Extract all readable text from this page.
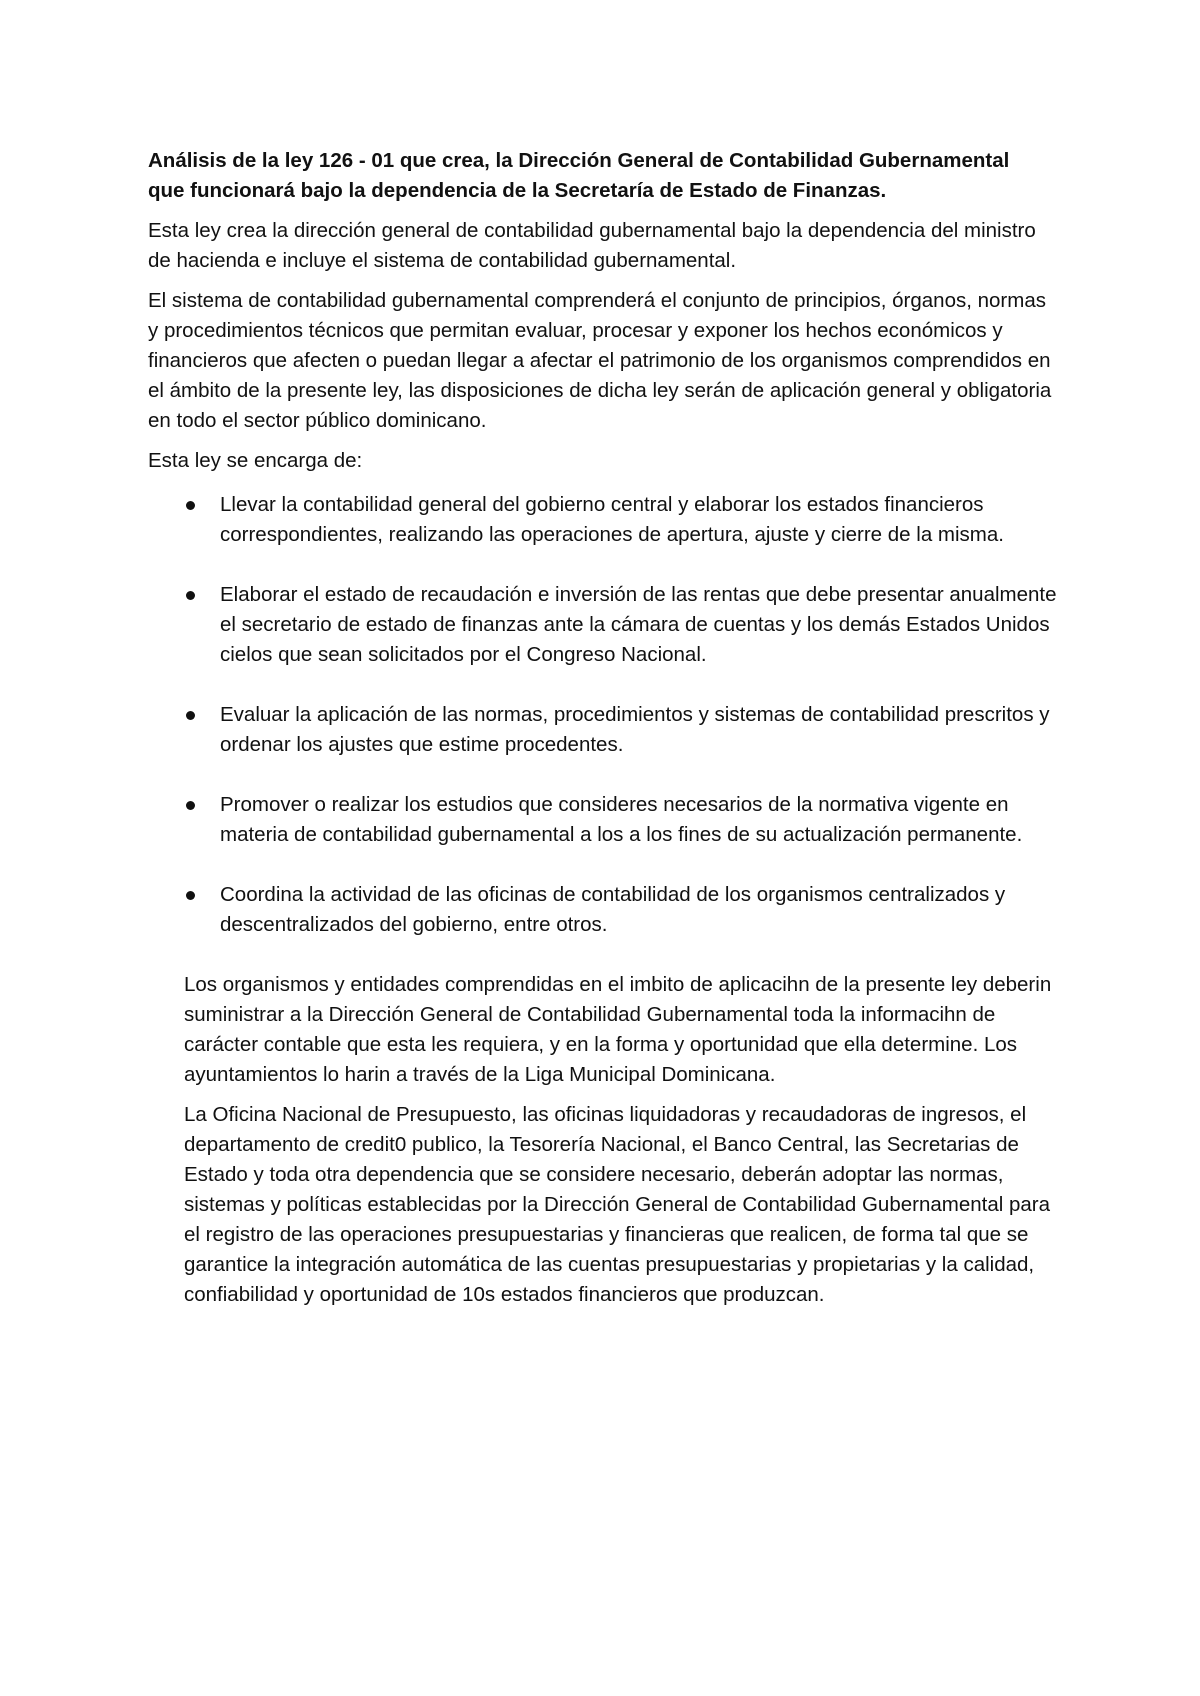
Análisis de la ley 126 - 01 que crea, la Dirección General de Contabilidad Gubernamental que funcionará bajo la dependencia de la Secretaría de Estado de Finanzas.

Esta ley crea la dirección general de contabilidad gubernamental bajo la dependencia del ministro de hacienda e incluye el sistema de contabilidad gubernamental.

El sistema de contabilidad gubernamental comprenderá el conjunto de principios, órganos, normas y procedimientos técnicos que permitan evaluar, procesar y exponer los hechos económicos y financieros que afecten o puedan llegar a afectar el patrimonio de los organismos comprendidos en el ámbito de la presente ley, las disposiciones de dicha ley serán de aplicación general y obligatoria en todo el sector público dominicano.

Esta ley se encarga de:

Llevar la contabilidad general del gobierno central y elaborar los estados financieros correspondientes, realizando las operaciones de apertura, ajuste y cierre de la misma.
Elaborar el estado de recaudación e inversión de las rentas que debe presentar anualmente el secretario de estado de finanzas ante la cámara de cuentas y los demás Estados Unidos cielos que sean solicitados por el Congreso Nacional.
Evaluar la aplicación de las normas, procedimientos y sistemas de contabilidad prescritos y ordenar los ajustes que estime procedentes.
Promover o realizar los estudios que consideres necesarios de la normativa vigente en materia de contabilidad gubernamental a los a los fines de su actualización permanente.
Coordina la actividad de las oficinas de contabilidad de los organismos centralizados y descentralizados del gobierno, entre otros.

Los organismos y entidades comprendidas en el imbito de aplicacihn de la presente ley deberin suministrar a la Dirección General de Contabilidad Gubernamental toda la informacihn de carácter contable que esta les requiera, y en la forma y oportunidad que ella determine. Los ayuntamientos lo harin a través de la Liga Municipal Dominicana.

La Oficina Nacional de Presupuesto, las oficinas liquidadoras y recaudadoras de ingresos, el departamento de credit0 publico, la Tesorería Nacional, el Banco Central, las Secretarias de Estado y toda otra dependencia que se considere necesario, deberán adoptar las normas, sistemas y políticas establecidas por la Dirección General de Contabilidad Gubernamental para el registro de las operaciones presupuestarias y financieras que realicen, de forma tal que se garantice la integración automática de las cuentas presupuestarias y propietarias y la calidad, confiabilidad y oportunidad de 10s estados financieros que produzcan.
